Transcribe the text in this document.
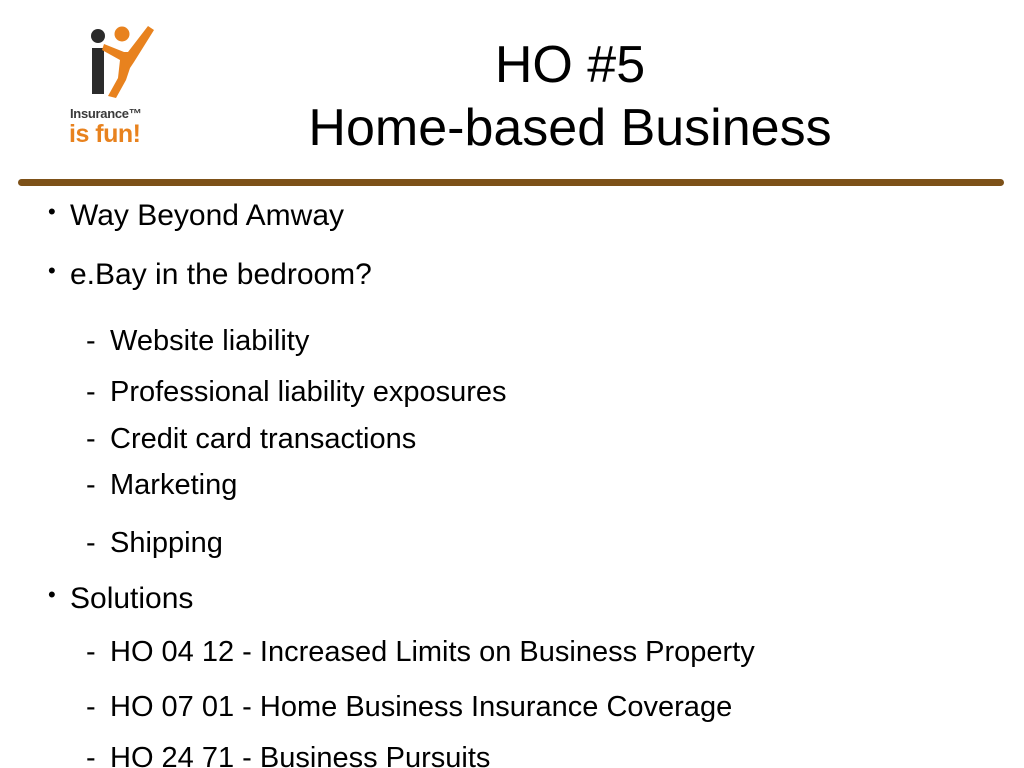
Insurance™
is fun!
HO #5
Home-based Business
• Way Beyond Amway
• e.Bay in the bedroom?
- Website liability
- Professional liability exposures
- Credit card transactions
- Marketing
- Shipping
• Solutions
- HO 04 12 - Increased Limits on Business Property
- HO 07 01 - Home Business Insurance Coverage
- HO 24 71 - Business Pursuits
